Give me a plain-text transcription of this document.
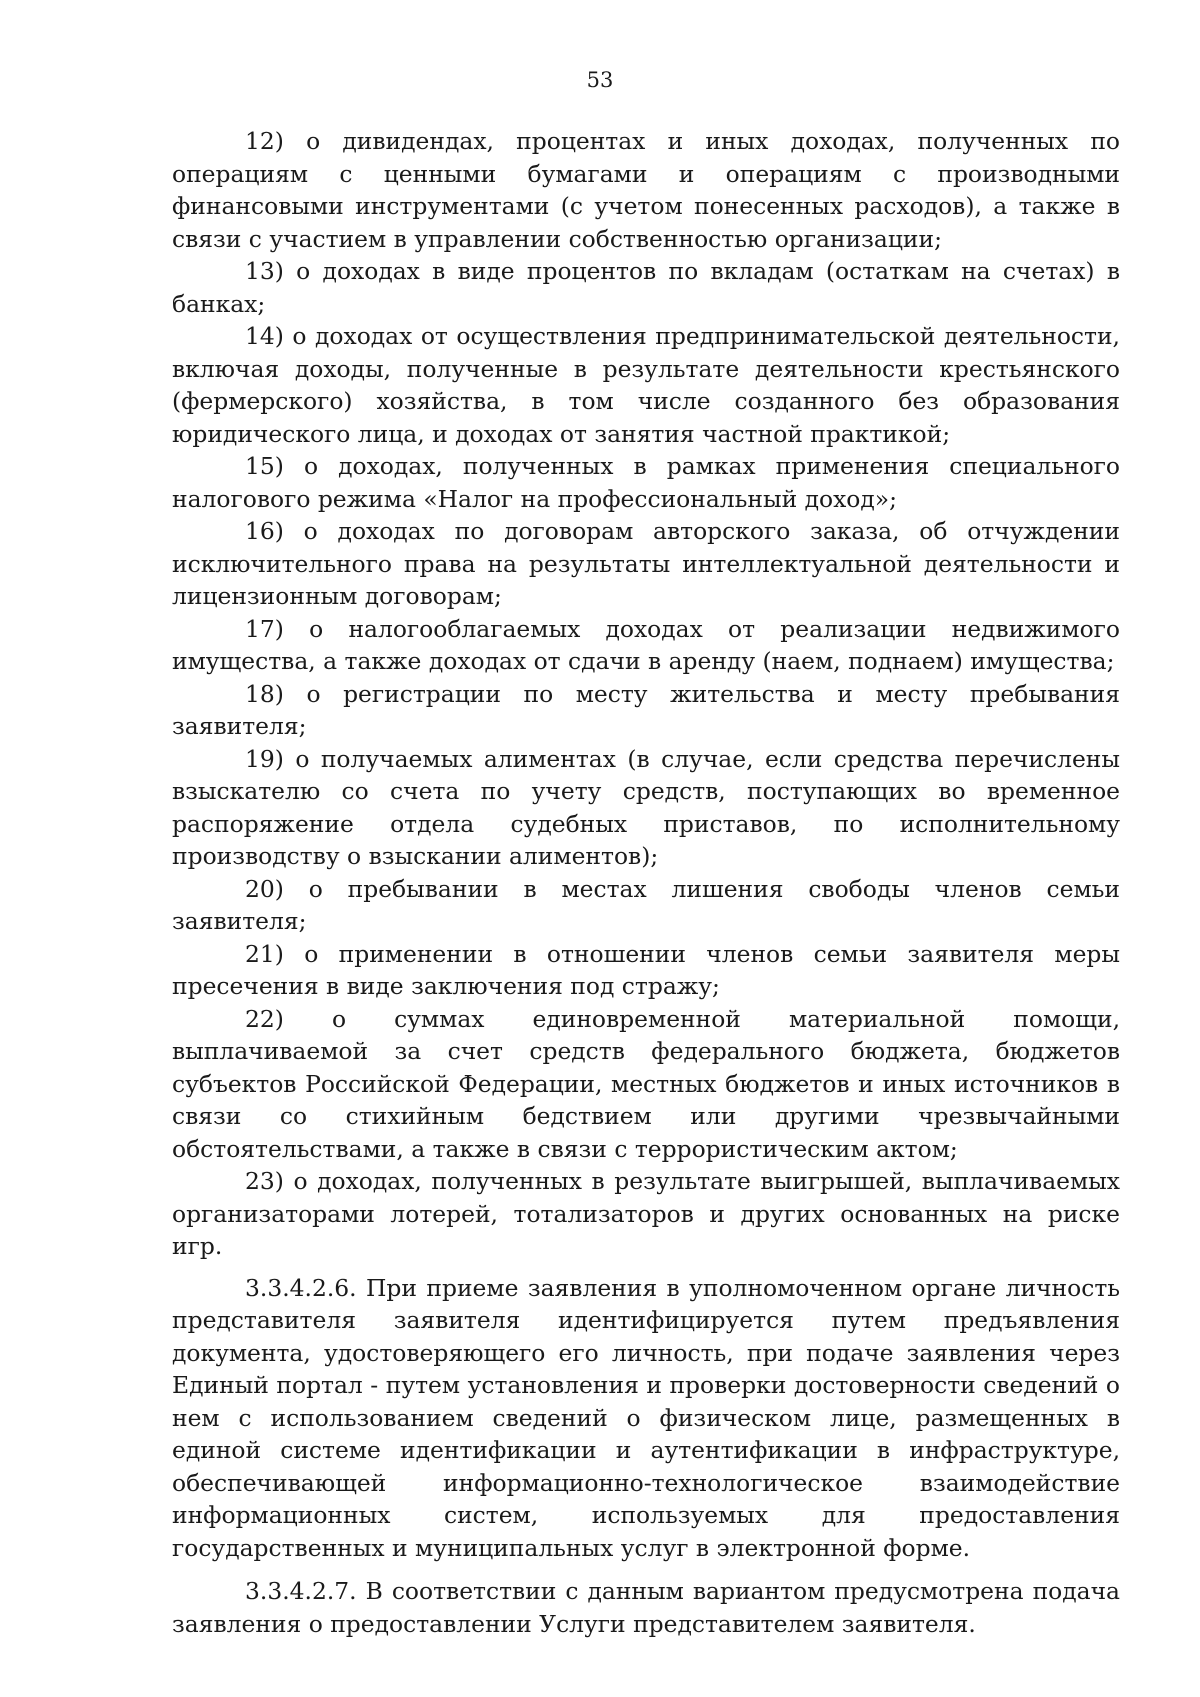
53

12) о дивидендах, процентах и иных доходах, полученных по операциям с ценными бумагами и операциям с производными финансовыми инструментами (с учетом понесенных расходов), а также в связи с участием в управлении собственностью организации;

13) о доходах в виде процентов по вкладам (остаткам на счетах) в банках;

14) о доходах от осуществления предпринимательской деятельности, включая доходы, полученные в результате деятельности крестьянского (фермерского) хозяйства, в том числе созданного без образования юридического лица, и доходах от занятия частной практикой;

15) о доходах, полученных в рамках применения специального налогового режима «Налог на профессиональный доход»;

16) о доходах по договорам авторского заказа, об отчуждении исключительного права на результаты интеллектуальной деятельности и лицензионным договорам;

17) о налогооблагаемых доходах от реализации недвижимого имущества, а также доходах от сдачи в аренду (наем, поднаем) имущества;

18) о регистрации по месту жительства и месту пребывания заявителя;

19) о получаемых алиментах (в случае, если средства перечислены взыскателю со счета по учету средств, поступающих во временное распоряжение отдела судебных приставов, по исполнительному производству о взыскании алиментов);

20) о пребывании в местах лишения свободы членов семьи заявителя;

21) о применении в отношении членов семьи заявителя меры пресечения в виде заключения под стражу;

22) о суммах единовременной материальной помощи, выплачиваемой за счет средств федерального бюджета, бюджетов субъектов Российской Федерации, местных бюджетов и иных источников в связи со стихийным бедствием или другими чрезвычайными обстоятельствами, а также в связи с террористическим актом;

23) о доходах, полученных в результате выигрышей, выплачиваемых организаторами лотерей, тотализаторов и других основанных на риске игр.

3.3.4.2.6. При приеме заявления в уполномоченном органе личность представителя заявителя идентифицируется путем предъявления документа, удостоверяющего его личность, при подаче заявления через Единый портал - путем установления и проверки достоверности сведений о нем с использованием сведений о физическом лице, размещенных в единой системе идентификации и аутентификации в инфраструктуре, обеспечивающей информационно-технологическое взаимодействие информационных систем, используемых для предоставления государственных и муниципальных услуг в электронной форме.

3.3.4.2.7. В соответствии с данным вариантом предусмотрена подача заявления о предоставлении Услуги представителем заявителя.
